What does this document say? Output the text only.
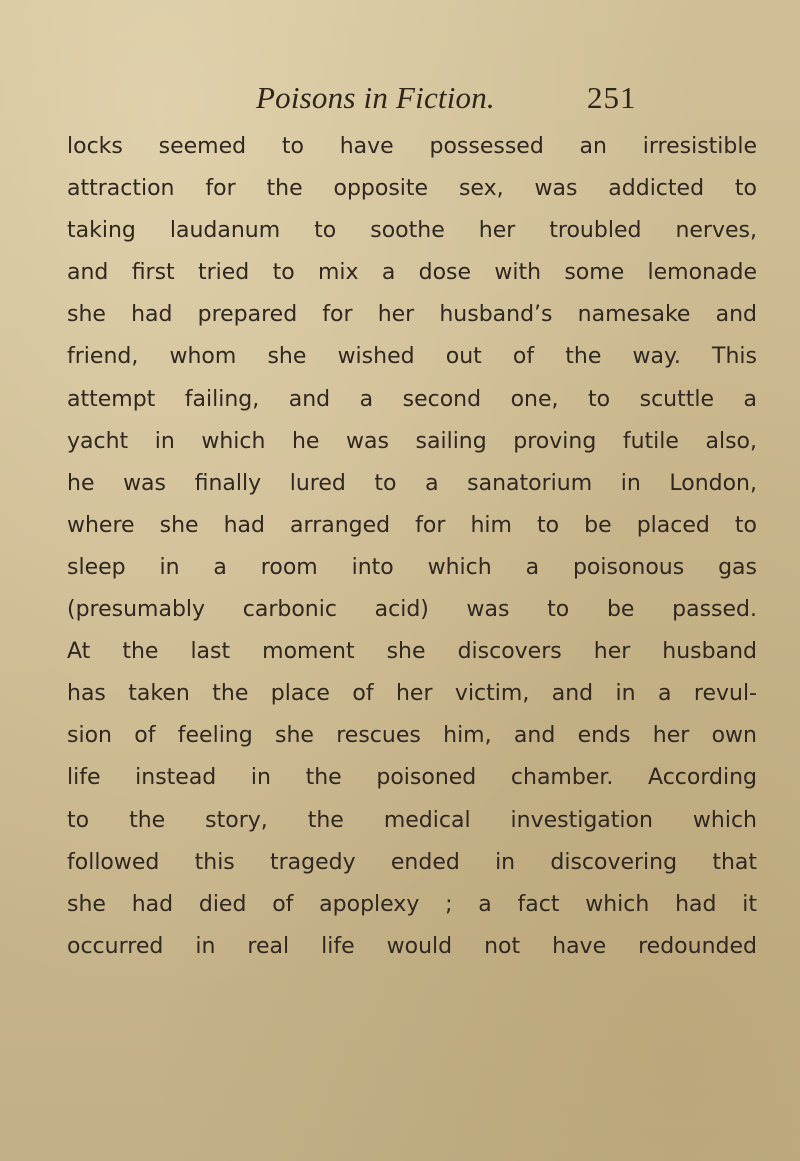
Poisons in Fiction.	251
locks seemed to have possessed an irresistible
attraction for the opposite sex, was addicted to
taking laudanum to soothe her troubled nerves,
and first tried to mix a dose with some lemonade
she had prepared for her husband’s namesake and
friend, whom she wished out of the way. This
attempt failing, and a second one, to scuttle a
yacht in which he was sailing proving futile also,
he was finally lured to a sanatorium in London,
where she had arranged for him to be placed to
sleep in a room into which a poisonous gas
(presumably carbonic acid) was to be passed.
At the last moment she discovers her husband
has taken the place of her victim, and in a revul-
sion of feeling she rescues him, and ends her own
life instead in the poisoned chamber. According
to the story, the medical investigation which
followed this tragedy ended in discovering that
she had died of apoplexy ; a fact which had it
occurred in real life would not have redounded
